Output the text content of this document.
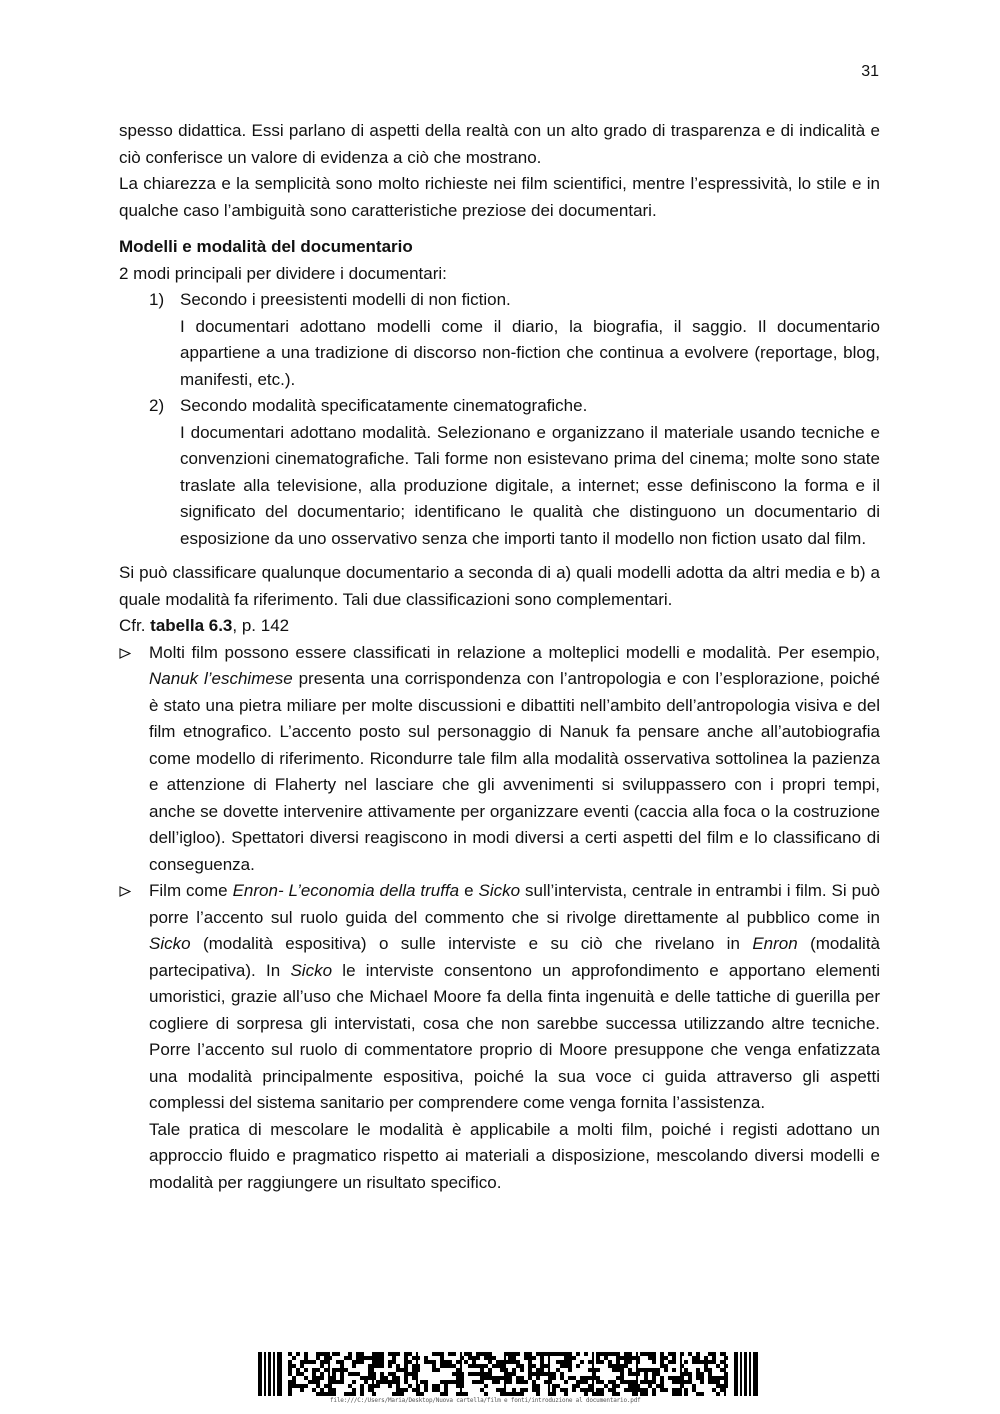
31

spesso didattica. Essi parlano di aspetti della realtà con un alto grado di trasparenza e di indicalità e ciò conferisce un valore di evidenza a ciò che mostrano.

La chiarezza e la semplicità sono molto richieste nei film scientifici, mentre l’espressività, lo stile e in qualche caso l’ambiguità sono caratteristiche preziose dei documentari.

Modelli e modalità del documentario

2 modi principali per dividere i documentari:

1) Secondo i preesistenti modelli di non fiction.

I documentari adottano modelli come il diario, la biografia, il saggio. Il documentario appartiene a una tradizione di discorso non-fiction che continua a evolvere (reportage, blog, manifesti, etc.).

2) Secondo modalità specificatamente cinematografiche.

I documentari adottano modalità. Selezionano e organizzano il materiale usando tecniche e convenzioni cinematografiche. Tali forme non esistevano prima del cinema; molte sono state traslate alla televisione, alla produzione digitale, a internet; esse definiscono la forma e il significato del documentario; identificano le qualità che distinguono un documentario di esposizione da uno osservativo senza che importi tanto il modello non fiction usato dal film.

Si può classificare qualunque documentario a seconda di a) quali modelli adotta da altri media e b) a quale modalità fa riferimento. Tali due classificazioni sono complementari.

Cfr. tabella 6.3, p. 142

Molti film possono essere classificati in relazione a molteplici modelli e modalità. Per esempio, Nanuk l’eschimese presenta una corrispondenza con l’antropologia e con l’esplorazione, poiché è stato una pietra miliare per molte discussioni e dibattiti nell’ambito dell’antropologia visiva e del film etnografico. L’accento posto sul personaggio di Nanuk fa pensare anche all’autobiografia come modello di riferimento. Ricondurre tale film alla modalità osservativa sottolinea la pazienza e attenzione di Flaherty nel lasciare che gli avvenimenti si sviluppassero con i propri tempi, anche se dovette intervenire attivamente per organizzare eventi (caccia alla foca o la costruzione dell’igloo). Spettatori diversi reagiscono in modi diversi a certi aspetti del film e lo classificano di conseguenza.

Film come Enron- L’economia della truffa e Sicko sull’intervista, centrale in entrambi i film. Si può porre l’accento sul ruolo guida del commento che si rivolge direttamente al pubblico come in Sicko (modalità espositiva) o sulle interviste e su ciò che rivelano in Enron (modalità partecipativa). In Sicko le interviste consentono un approfondimento e apportano elementi umoristici, grazie all’uso che Michael Moore fa della finta ingenuità e delle tattiche di guerilla per cogliere di sorpresa gli intervistati, cosa che non sarebbe successa utilizzando altre tecniche. Porre l’accento sul ruolo di commentatore proprio di Moore presuppone che venga enfatizzata una modalità principalmente espositiva, poiché la sua voce ci guida attraverso gli aspetti complessi del sistema sanitario per comprendere come venga fornita l’assistenza.

Tale pratica di mescolare le modalità è applicabile a molti film, poiché i registi adottano un approccio fluido e pragmatico rispetto ai materiali a disposizione, mescolando diversi modelli e modalità per raggiungere un risultato specifico.

file:///C:/Users/Maria/Desktop/Nuova cartella/film e fonti/introduzione al documentario.pdf
